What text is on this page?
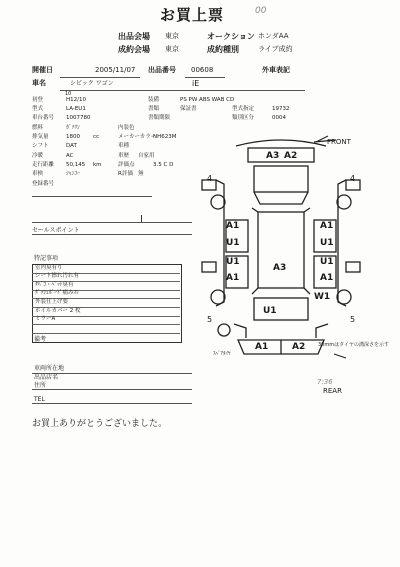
お買上票	00
出品会場 東京
成約会場 東京
オークション ホンダAA
成約種別	ライブ成約
開催日	2005/11/07 出品番号 00608	外車表記
車名	シビック ワゴン	iE
10
初登	H12/10
型式	LA-EU1
車台番号 1007780
燃料	ｶﾞｿﾘﾝ
排気量	1800 cc
シフト	DAT
冷暖	AC
走行距離 50,145 km
車検	ｼｬﾝｺｰ
登録番号
装備	PS PW ABS WAB CD
書類	保証書
書類期限
内装色
メーカーカラー
NH623M
車種
車歴 自家用
評価点	3.5 C D
R評価 無
型式指定	19732
類別区分	0004
|
セールスポイント
特記事項
室内臭有り
シート擦れ汚れ有
ﾀﾊﾞｺ・ﾍﾟｯﾄ臭有
ﾀﾞｯｼｭﾎﾞｰﾄﾞ痛みｽﾚ
外装仕上げ要
ホイルカバー 2 枚
ミラーA
備考
車両所在地
出品店名
住所
TEL
お買上ありがとうございました。
7:36
FRONT
REAR
ｽﾍﾟｱﾀｲﾔ
30mmはタイヤの溝深さを示す
A3 A2
A1
U1
U1
A1
A1
U1
U1
A1
A3
U1
W1
A1	A2
4	4
5	5
